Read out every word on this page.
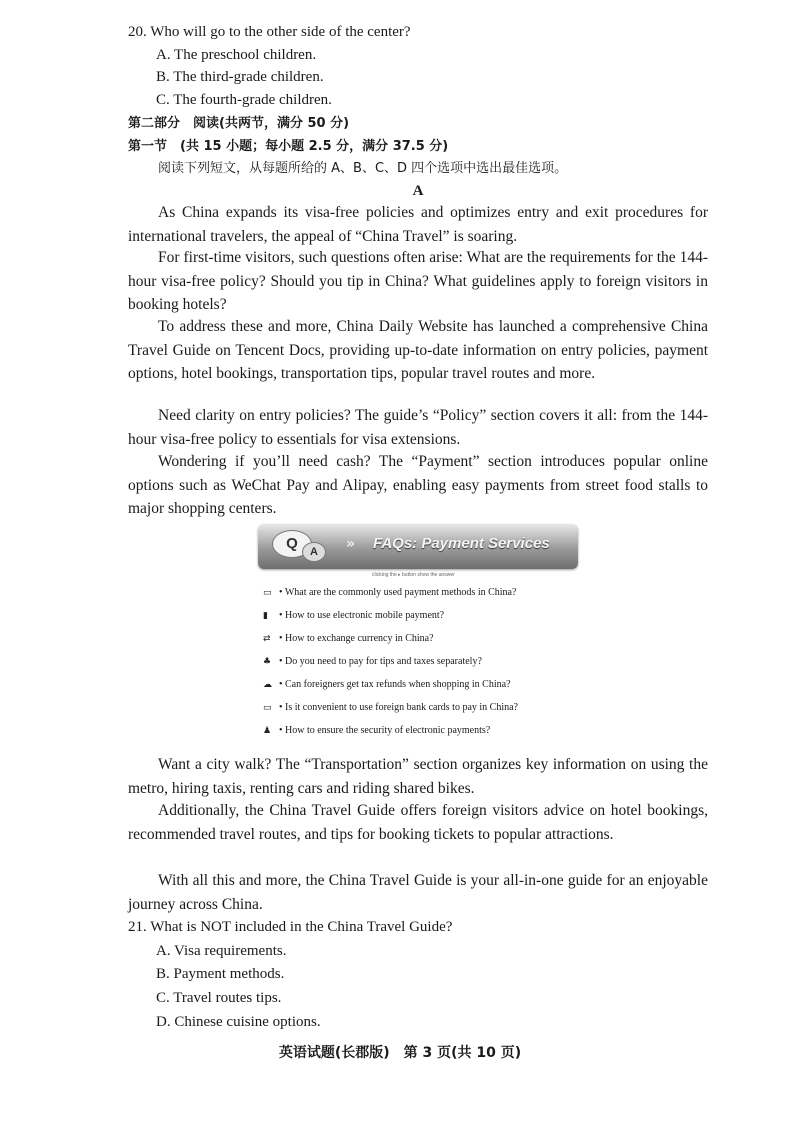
20. Who will go to the other side of the center?
A. The preschool children.
B. The third-grade children.
C. The fourth-grade children.
第二部分　阅读(共两节，满分 50 分)
第一节　(共 15 小题；每小题 2.5 分，满分 37.5 分)
阅读下列短文，从每题所给的 A、B、C、D 四个选项中选出最佳选项。
A
As China expands its visa-free policies and optimizes entry and exit procedures for international travelers, the appeal of “China Travel” is soaring.
For first-time visitors, such questions often arise: What are the requirements for the 144-hour visa-free policy? Should you tip in China? What guidelines apply to foreign visitors in booking hotels?
To address these and more, China Daily Website has launched a comprehensive China Travel Guide on Tencent Docs, providing up-to-date information on entry policies, payment options, hotel bookings, transportation tips, popular travel routes and more.
Need clarity on entry policies? The guide’s “Policy” section covers it all: from the 144-hour visa-free policy to essentials for visa extensions.
Wondering if you’ll need cash? The “Payment” section introduces popular online options such as WeChat Pay and Alipay, enabling easy payments from street food stalls to major shopping centers.
Q	A	» FAQs: Payment Services
clicking the ▸ button show the answer
▭ • What are the commonly used payment methods in China?
▮ • How to use electronic mobile payment?
⇄ • How to exchange currency in China?
♣ • Do you need to pay for tips and taxes separately?
☁ • Can foreigners get tax refunds when shopping in China?
▭ • Is it convenient to use foreign bank cards to pay in China?
♟ • How to ensure the security of electronic payments?
Want a city walk? The “Transportation” section organizes key information on using the metro, hiring taxis, renting cars and riding shared bikes.
Additionally, the China Travel Guide offers foreign visitors advice on hotel bookings, recommended travel routes, and tips for booking tickets to popular attractions.
With all this and more, the China Travel Guide is your all-in-one guide for an enjoyable journey across China.
21. What is NOT included in the China Travel Guide?
A. Visa requirements.
B. Payment methods.
C. Travel routes tips.
D. Chinese cuisine options.
英语试题(长郡版)　第 3 页(共 10 页)
